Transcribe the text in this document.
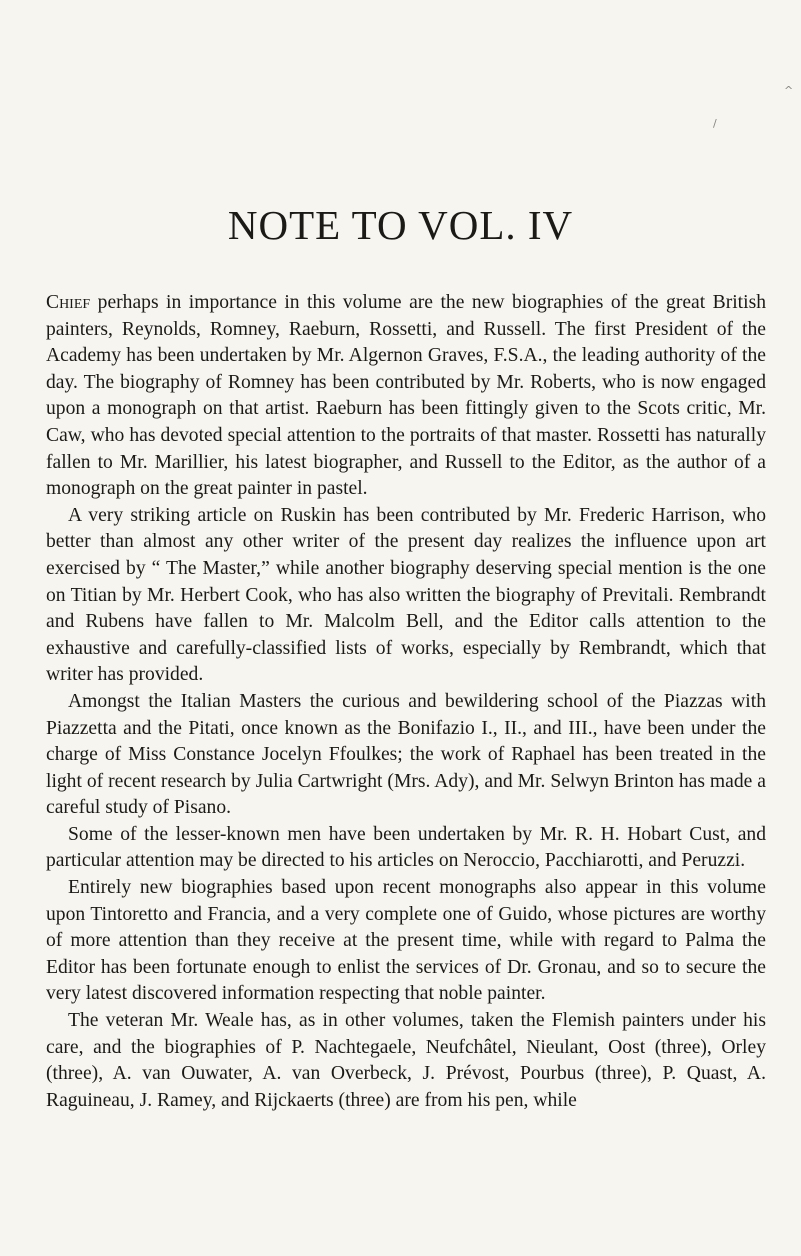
^
/
NOTE TO VOL. IV

Chief perhaps in importance in this volume are the new biographies of the great British painters, Reynolds, Romney, Raeburn, Rossetti, and Russell. The first President of the Academy has been undertaken by Mr. Algernon Graves, F.S.A., the leading authority of the day. The biography of Romney has been contributed by Mr. Roberts, who is now engaged upon a monograph on that artist. Raeburn has been fittingly given to the Scots critic, Mr. Caw, who has devoted special attention to the portraits of that master. Rossetti has naturally fallen to Mr. Marillier, his latest biographer, and Russell to the Editor, as the author of a monograph on the great painter in pastel.

A very striking article on Ruskin has been contributed by Mr. Frederic Harrison, who better than almost any other writer of the present day realizes the influence upon art exercised by “ The Master,” while another biography deserving special mention is the one on Titian by Mr. Herbert Cook, who has also written the biography of Previtali. Rembrandt and Rubens have fallen to Mr. Malcolm Bell, and the Editor calls attention to the exhaustive and carefully-classified lists of works, especially by Rembrandt, which that writer has provided.

Amongst the Italian Masters the curious and bewildering school of the Piazzas with Piazzetta and the Pitati, once known as the Bonifazio I., II., and III., have been under the charge of Miss Constance Jocelyn Ffoulkes; the work of Raphael has been treated in the light of recent research by Julia Cartwright (Mrs. Ady), and Mr. Selwyn Brinton has made a careful study of Pisano.

Some of the lesser-known men have been undertaken by Mr. R. H. Hobart Cust, and particular attention may be directed to his articles on Neroccio, Pacchiarotti, and Peruzzi.

Entirely new biographies based upon recent monographs also appear in this volume upon Tintoretto and Francia, and a very complete one of Guido, whose pictures are worthy of more attention than they receive at the present time, while with regard to Palma the Editor has been fortunate enough to enlist the services of Dr. Gronau, and so to secure the very latest discovered information respecting that noble painter.

The veteran Mr. Weale has, as in other volumes, taken the Flemish painters under his care, and the biographies of P. Nachtegaele, Neufchâtel, Nieulant, Oost (three), Orley (three), A. van Ouwater, A. van Overbeck, J. Prévost, Pourbus (three), P. Quast, A. Raguineau, J. Ramey, and Rijckaerts (three) are from his pen, while
